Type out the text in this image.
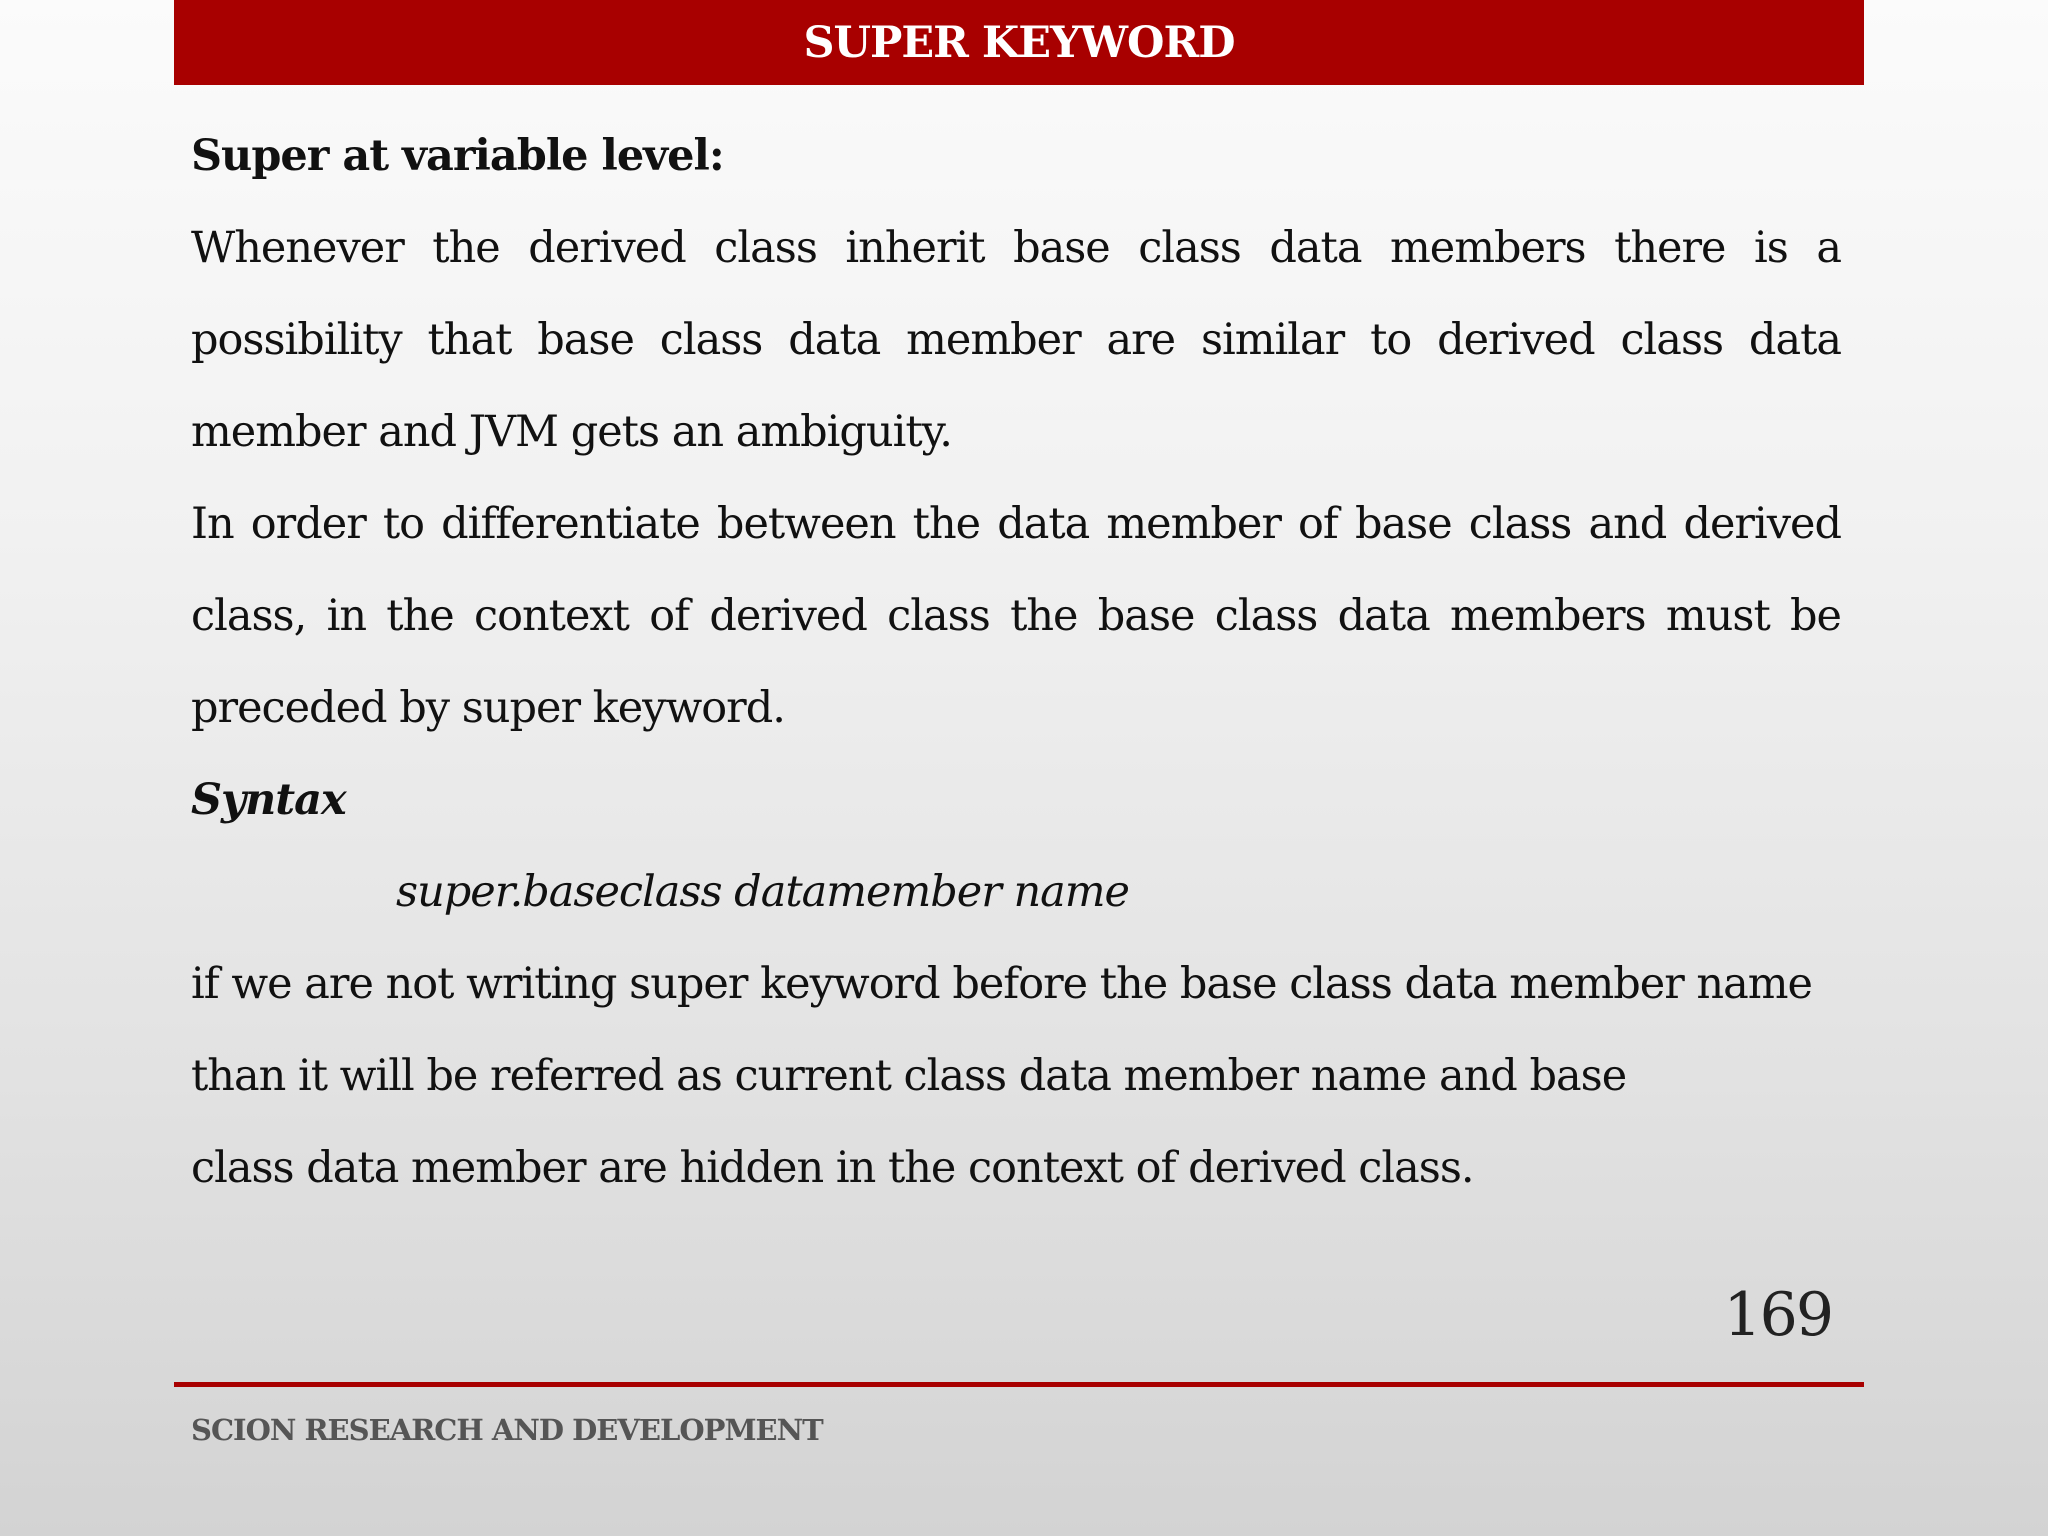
SUPER KEYWORD
Super at variable level:
Whenever the derived class inherit base class data members there is a
possibility that base class data member are similar to derived class data
member and JVM gets an ambiguity.
In order to differentiate between the data member of base class and derived
class, in the context of derived class the base class data members must be
preceded by super keyword.
Syntax
super.baseclass datamember name
if we are not writing super keyword before the base class data member name
than it will be referred as current class data member name and base
class data member are hidden in the context of derived class.
169
SCION RESEARCH AND DEVELOPMENT
